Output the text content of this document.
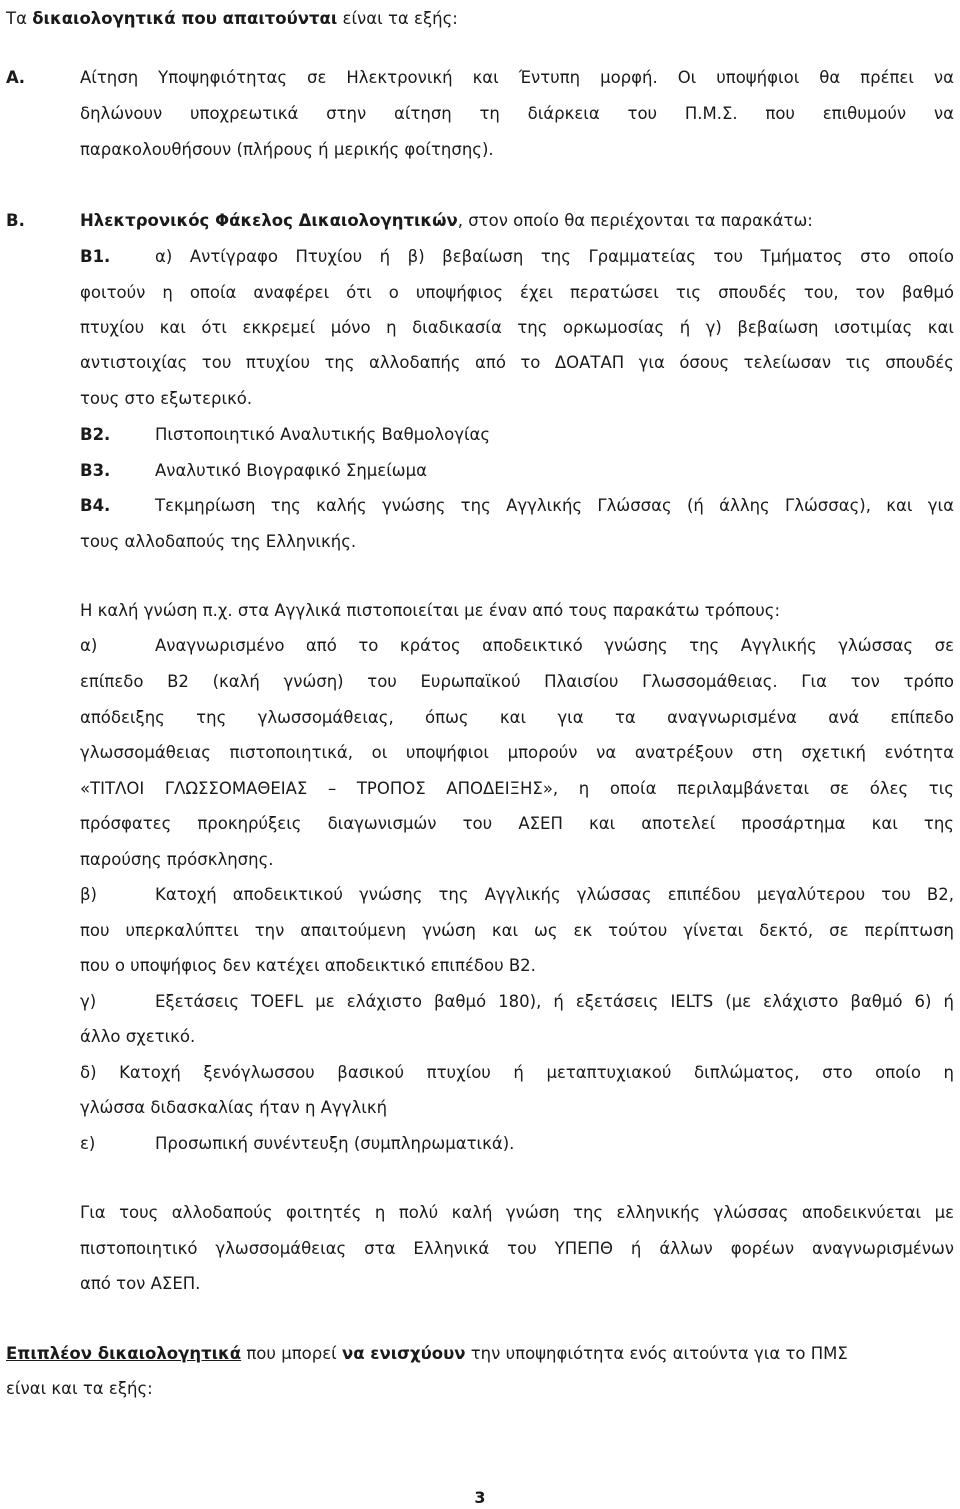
Τα δικαιολογητικά που απαιτούνται είναι τα εξής:
Α.	Αίτηση Υποψηφιότητας σε Ηλεκτρονική και Έντυπη μορφή. Οι υποψήφιοι θα πρέπει να
δηλώνουν υποχρεωτικά στην αίτηση τη διάρκεια του Π.Μ.Σ. που επιθυμούν να
παρακολουθήσουν (πλήρους ή μερικής φοίτησης).
Β.	Ηλεκτρονικός Φάκελος Δικαιολογητικών, στον οποίο θα περιέχονται τα παρακάτω:
Β1.	α) Αντίγραφο Πτυχίου ή β) βεβαίωση της Γραμματείας του Τμήματος στο οποίο
φοιτούν η οποία αναφέρει ότι ο υποψήφιος έχει περατώσει τις σπουδές του, τον βαθμό
πτυχίου και ότι εκκρεμεί μόνο η διαδικασία της ορκωμοσίας ή γ) βεβαίωση ισοτιμίας και
αντιστοιχίας του πτυχίου της αλλοδαπής από το ΔΟΑΤΑΠ για όσους τελείωσαν τις σπουδές
τους στο εξωτερικό.
Β2.	Πιστοποιητικό Αναλυτικής Βαθμολογίας
Β3.	Αναλυτικό Βιογραφικό Σημείωμα
Β4.	Τεκμηρίωση της καλής γνώσης της Αγγλικής Γλώσσας (ή άλλης Γλώσσας), και για
τους αλλοδαπούς της Ελληνικής.
Η καλή γνώση π.χ. στα Αγγλικά πιστοποιείται με έναν από τους παρακάτω τρόπους:
α)	Αναγνωρισμένο από το κράτος αποδεικτικό γνώσης της Αγγλικής γλώσσας σε
επίπεδο Β2 (καλή γνώση) του Ευρωπαϊκού Πλαισίου Γλωσσομάθειας. Για τον τρόπο
απόδειξης της γλωσσομάθειας, όπως και για τα αναγνωρισμένα ανά επίπεδο
γλωσσομάθειας πιστοποιητικά, οι υποψήφιοι μπορούν να ανατρέξουν στη σχετική ενότητα
«ΤΙΤΛΟΙ ΓΛΩΣΣΟΜΑΘΕΙΑΣ – ΤΡΟΠΟΣ ΑΠΟΔΕΙΞΗΣ», η οποία περιλαμβάνεται σε όλες τις
πρόσφατες προκηρύξεις διαγωνισμών του ΑΣΕΠ και αποτελεί προσάρτημα και της
παρούσης πρόσκλησης.
β)	Κατοχή αποδεικτικού γνώσης της Αγγλικής γλώσσας επιπέδου μεγαλύτερου του Β2,
που υπερκαλύπτει την απαιτούμενη γνώση και ως εκ τούτου γίνεται δεκτό, σε περίπτωση
που ο υποψήφιος δεν κατέχει αποδεικτικό επιπέδου Β2.
γ)	Εξετάσεις TOEFL με ελάχιστο βαθμό 180), ή εξετάσεις IELTS (με ελάχιστο βαθμό 6) ή
άλλο σχετικό.
δ) Κατοχή ξενόγλωσσου βασικού πτυχίου ή μεταπτυχιακού διπλώματος, στο οποίο η
γλώσσα διδασκαλίας ήταν η Αγγλική
ε)	Προσωπική συνέντευξη (συμπληρωματικά).
Για τους αλλοδαπούς φοιτητές η πολύ καλή γνώση της ελληνικής γλώσσας αποδεικνύεται με
πιστοποιητικό γλωσσομάθειας στα Ελληνικά του ΥΠΕΠΘ ή άλλων φορέων αναγνωρισμένων
από τον ΑΣΕΠ.
Επιπλέον δικαιολογητικά που μπορεί να ενισχύουν την υποψηφιότητα ενός αιτούντα για το ΠΜΣ
είναι και τα εξής:
3
